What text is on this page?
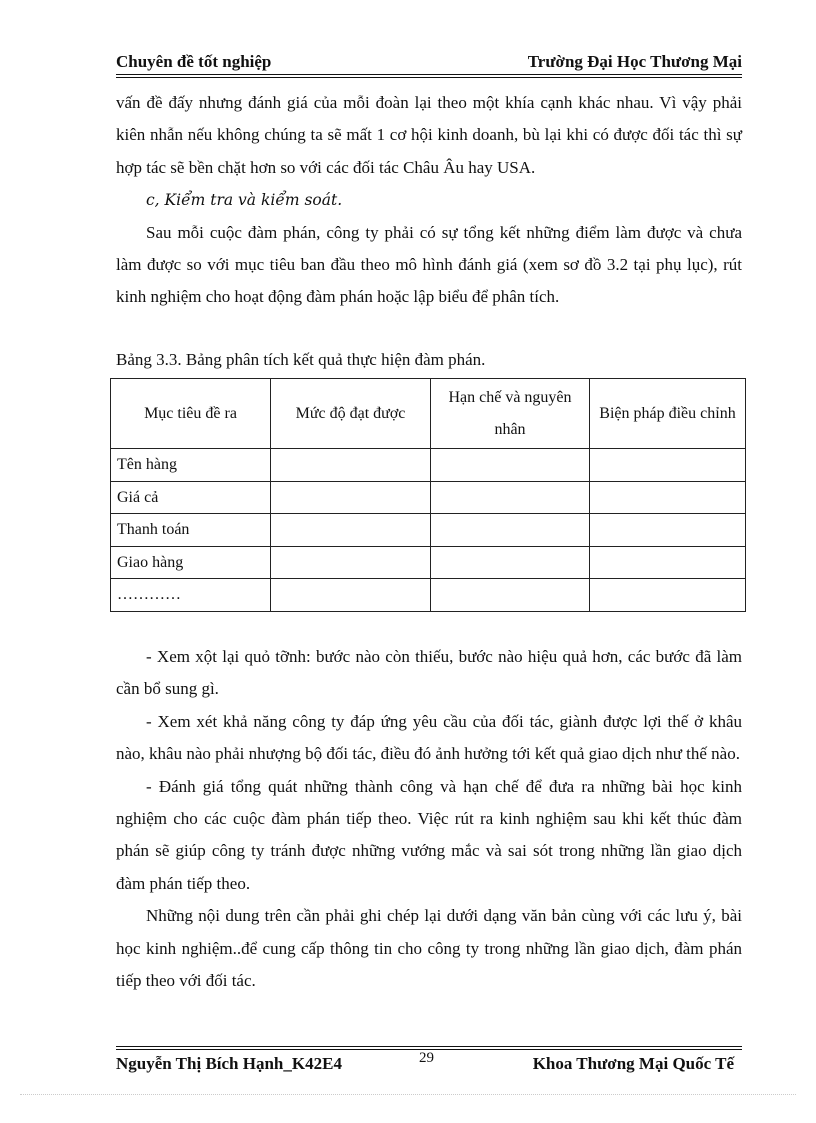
Chuyên đề tốt nghiệp	Trường Đại Học Thương Mại

vấn đề đấy nhưng đánh giá của mỗi đoàn lại theo một khía cạnh khác nhau. Vì vậy phải kiên nhẫn nếu không chúng ta sẽ mất 1 cơ hội kinh doanh, bù lại khi có được đối tác thì sự hợp tác sẽ bền chặt hơn so với các đối tác Châu Âu hay USA.

c, Kiểm tra và kiểm soát.

Sau mỗi cuộc đàm phán, công ty phải có sự tổng kết những điểm làm được và chưa làm được so với mục tiêu ban đầu theo mô hình đánh giá (xem sơ đồ 3.2 tại phụ lục), rút kinh nghiệm cho hoạt động đàm phán hoặc lập biểu để phân tích.

Bảng 3.3. Bảng phân tích kết quả thực hiện đàm phán.
Mục tiêu đề ra	Mức độ đạt được	Hạn chế và nguyên nhân	Biện pháp điều chỉnh
Tên hàng			
Giá cả			
Thanh toán			
Giao hàng			
…………			

- Xem xột lại quỏ tỡnh: bước nào còn thiếu, bước nào hiệu quả hơn, các bước đã làm cần bổ sung gì.

- Xem xét khả năng công ty đáp ứng yêu cầu của đối tác, giành được lợi thế ở khâu nào, khâu nào phải nhượng bộ đối tác, điều đó ảnh hưởng tới kết quả giao dịch như thế nào.

- Đánh giá tổng quát những thành công và hạn chế để đưa ra những bài học kinh nghiệm cho các cuộc đàm phán tiếp theo. Việc rút ra kinh nghiệm sau khi kết thúc đàm phán sẽ giúp công ty tránh được những vướng mắc và sai sót trong những lần giao dịch đàm phán tiếp theo.

Những nội dung trên cần phải ghi chép lại dưới dạng văn bản cùng với các lưu ý, bài học kinh nghiệm..để cung cấp thông tin cho công ty trong những lần giao dịch, đàm phán tiếp theo với đối tác.

Nguyễn Thị Bích Hạnh_K42E4	29	Khoa Thương Mại Quốc Tế
